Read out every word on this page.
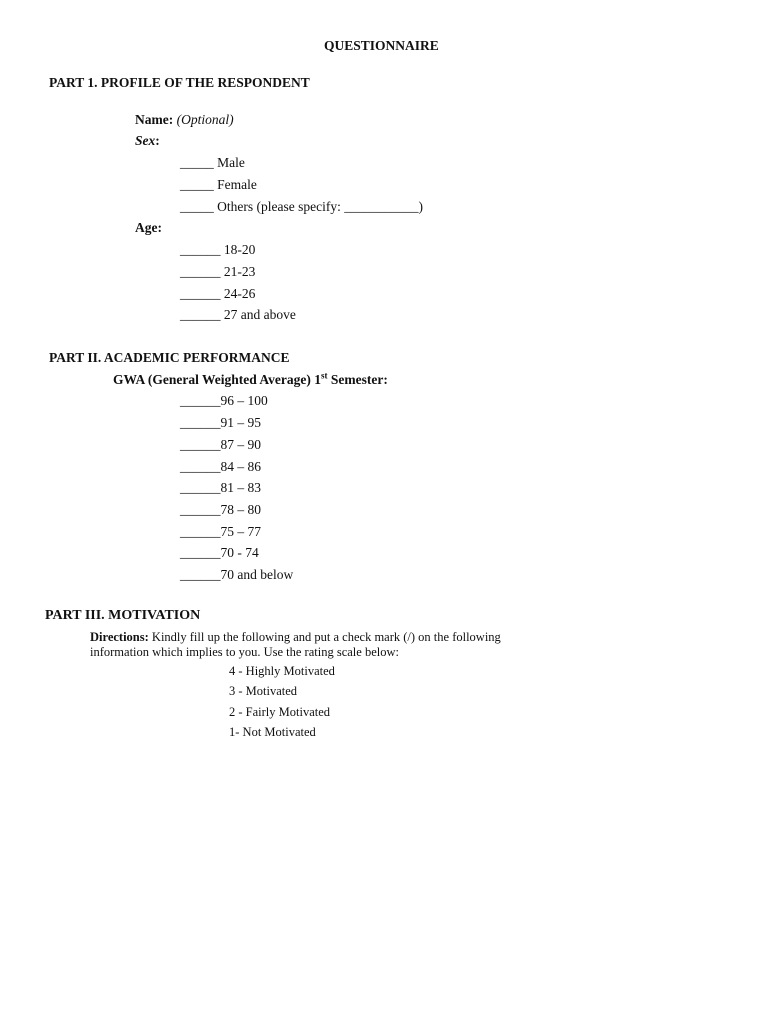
QUESTIONNAIRE
PART 1. PROFILE OF THE RESPONDENT
Name: (Optional)
Sex:
_____ Male
_____ Female
_____ Others (please specify: ___________)
Age:
______ 18-20
______ 21-23
______ 24-26
______ 27 and above
PART II. ACADEMIC PERFORMANCE
GWA (General Weighted Average) 1st Semester:
______96 – 100
______91 – 95
______87 – 90
______84 – 86
______81 – 83
______78 – 80
______75 – 77
______70 - 74
______70 and below
PART III. MOTIVATION
Directions: Kindly fill up the following and put a check mark (/) on the following information which implies to you. Use the rating scale below:
4 - Highly Motivated
3 - Motivated
2 - Fairly Motivated
1- Not Motivated
